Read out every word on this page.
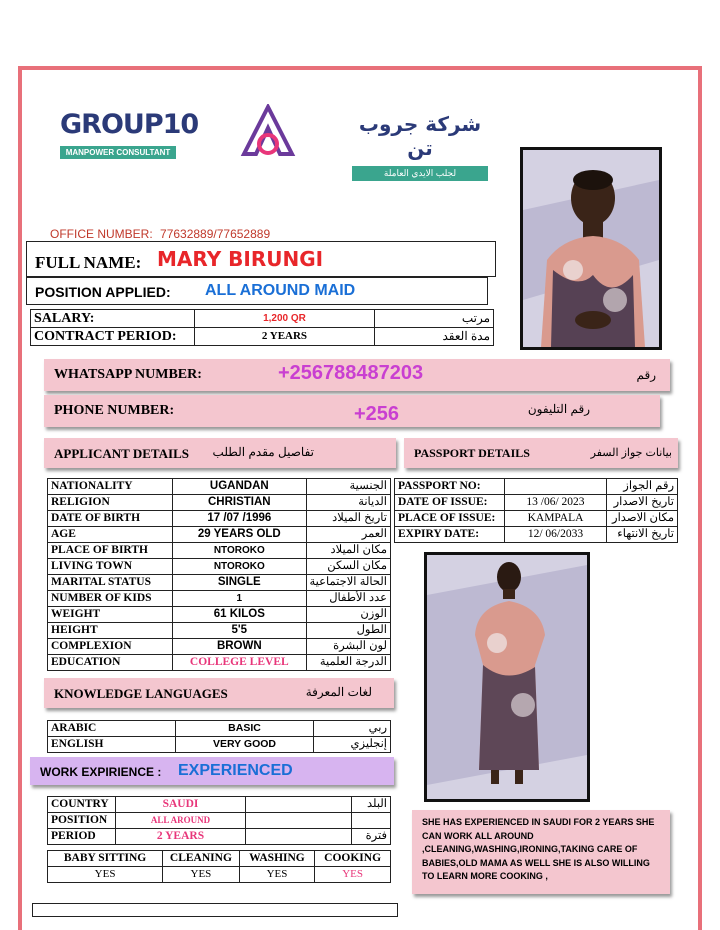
GROUP10
MANPOWER CONSULTANT
شركة جروب تن
لجلب الايدي العاملة
OFFICE NUMBER: 77632889/77652889
FULL NAME: MARY BIRUNGI
POSITION APPLIED: ALL AROUND MAID
SALARY:	1,200 QR	مرتب
CONTRACT PERIOD:	2 YEARS	مدة العقد
WHATSAPP NUMBER:	+256788487203	رقم
PHONE NUMBER:	+256	رقم التليفون
APPLICANT DETAILS تفاصيل مقدم الطلب	PASSPORT DETAILS	بيانات جواز السفر
NATIONALITY	UGANDAN	الجنسية
RELIGION	CHRISTIAN	الديانة
DATE OF BIRTH	17 /07 /1996	تاريخ الميلاد
AGE	29 YEARS OLD	العمر
PLACE OF BIRTH	NTOROKO	مكان الميلاد
LIVING TOWN	NTOROKO	مكان السكن
MARITAL STATUS	SINGLE	الحالة الاجتماعية
NUMBER OF KIDS	1	عدد الأطفال
WEIGHT	61 KILOS	الوزن
HEIGHT	5'5	الطول
COMPLEXION	BROWN	لون البشرة
EDUCATION	COLLEGE LEVEL	الدرجة العلمية
PASSPORT NO:		رقم الجواز
DATE OF ISSUE:	13 /06/ 2023	تاريخ الاصدار
PLACE OF ISSUE:	KAMPALA	مكان الاصدار
EXPIRY DATE:	12/ 06/2033	تاريخ الانتهاء
KNOWLEDGE LANGUAGES	لغات المعرفة
ARABIC	BASIC	ربي
ENGLISH	VERY GOOD	إنجليزي
WORK EXPIRIENCE : EXPERIENCED
COUNTRY	SAUDI		البلد
POSITION	ALL AROUND		
PERIOD	2 YEARS		فترة
BABY SITTING	CLEANING	WASHING	COOKING
YES	YES	YES	YES
SHE HAS EXPERIENCED IN SAUDI FOR 2 YEARS SHE CAN WORK ALL AROUND ,CLEANING,WASHING,IRONING,TAKING CARE OF BABIES,OLD MAMA AS WELL SHE IS ALSO WILLING TO LEARN MORE COOKING ,
